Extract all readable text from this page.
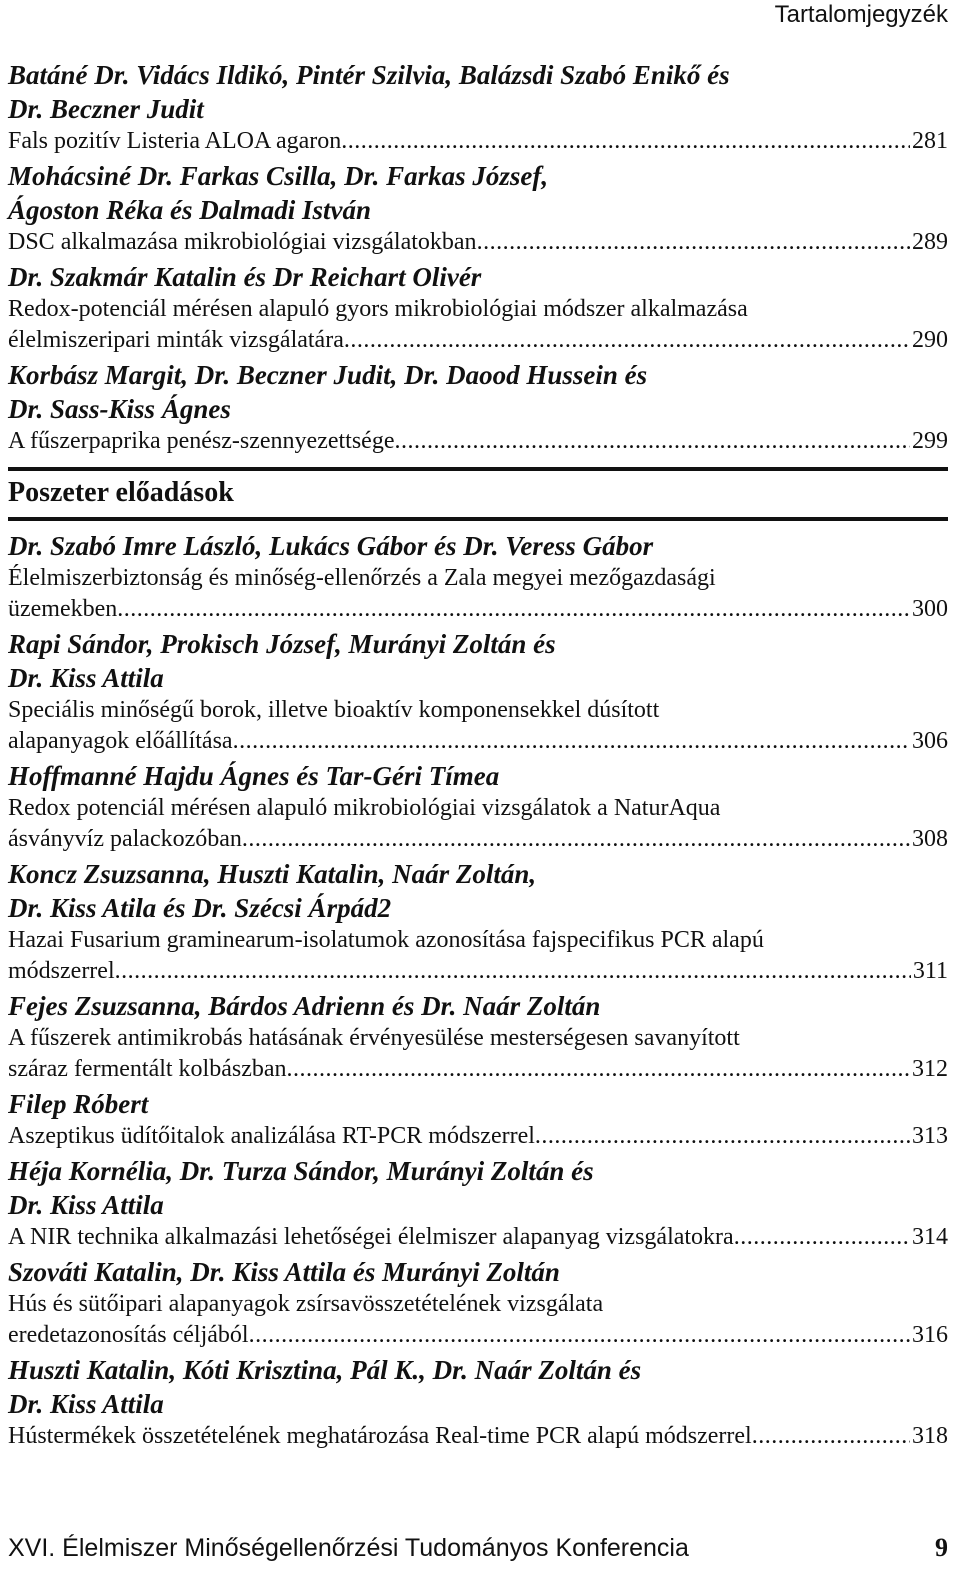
Tartalomjegyzék
Batáné Dr. Vidács Ildikó, Pintér Szilvia, Balázsdi Szabó Enikő és
Dr. Beczner Judit
Fals pozitív Listeria ALOA agaron .....	281
Mohácsiné Dr. Farkas Csilla, Dr. Farkas József,
Ágoston Réka és Dalmadi István
DSC alkalmazása mikrobiológiai vizsgálatokban .....	289
Dr. Szakmár Katalin és Dr Reichart Olivér
Redox-potenciál mérésen alapuló gyors mikrobiológiai módszer alkalmazása
élelmiszeripari minták vizsgálatára .....	290
Korbász Margit, Dr. Beczner Judit, Dr. Daood Hussein és
Dr. Sass-Kiss Ágnes
A fűszerpaprika penész-szennyezettsége .....	299
Poszeter előadások
Dr. Szabó Imre László, Lukács Gábor és Dr. Veress Gábor
Élelmiszerbiztonság és minőség-ellenőrzés a Zala megyei mezőgazdasági
üzemekben .....	300
Rapi Sándor, Prokisch József, Murányi Zoltán és
Dr. Kiss Attila
Speciális minőségű borok, illetve bioaktív komponensekkel dúsított
alapanyagok előállítása .....	306
Hoffmanné Hajdu Ágnes és Tar-Géri Tímea
Redox potenciál mérésen alapuló mikrobiológiai vizsgálatok a NaturAqua
ásványvíz palackozóban .....	308
Koncz Zsuzsanna, Huszti Katalin, Naár Zoltán,
Dr. Kiss Atila és Dr. Szécsi Árpád2
Hazai Fusarium graminearum-isolatumok azonosítása fajspecifikus PCR alapú
módszerrel .....	311
Fejes Zsuzsanna, Bárdos Adrienn és Dr. Naár Zoltán
A fűszerek antimikrobás hatásának érvényesülése mesterségesen savanyított
száraz fermentált kolbászban .....	312
Filep Róbert
Aszeptikus üdítőitalok analizálása RT-PCR módszerrel .....	313
Héja Kornélia, Dr. Turza Sándor, Murányi Zoltán és
Dr. Kiss Attila
A NIR technika alkalmazási lehetőségei élelmiszer alapanyag vizsgálatokra .....	314
Szováti Katalin, Dr. Kiss Attila és Murányi Zoltán
Hús és sütőipari alapanyagok zsírsavösszetételének vizsgálata
eredetazonosítás céljából .....	316
Huszti Katalin, Kóti Krisztina, Pál K., Dr. Naár Zoltán és
Dr. Kiss Attila
Hústermékek összetételének meghatározása Real-time PCR alapú módszerrel .....	318
XVI. Élelmiszer Minőségellenőrzési Tudományos Konferencia	9
